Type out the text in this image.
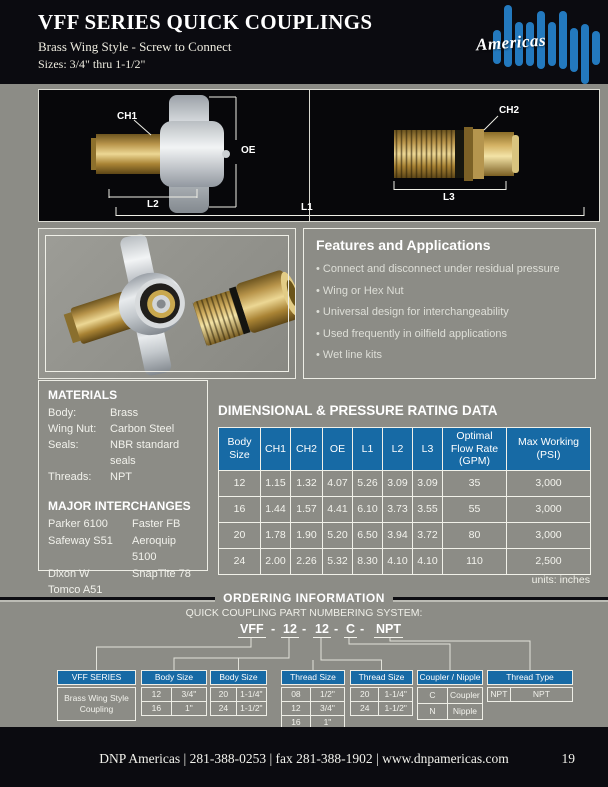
VFF SERIES QUICK COUPLINGS
Brass Wing Style - Screw to Connect
Sizes: 3/4" thru 1-1/2"
Americas
CH1
CH2
OE
L1
L2
L3
Features and Applications
• Connect and disconnect under residual pressure
• Wing or Hex Nut
• Universal design for interchangeability
• Used frequently in oilfield applications
• Wet line kits
MATERIALS
Body:	Brass
Wing Nut:	Carbon Steel
Seals:	NBR standard seals
Threads:	NPT
MAJOR INTERCHANGES
Parker 6100	Faster FB
Safeway S51	Aeroquip 5100
Dixon W	SnapTite 78
Tomco A51
DIMENSIONAL & PRESSURE RATING DATA
Body Size	CH1	CH2	OE	L1	L2	L3	Optimal Flow Rate (GPM)	Max Working (PSI)
12	1.15	1.32	4.07	5.26	3.09	3.09	35	3,000
16	1.44	1.57	4.41	6.10	3.73	3.55	55	3,000
20	1.78	1.90	5.20	6.50	3.94	3.72	80	3,000
24	2.00	2.26	5.32	8.30	4.10	4.10	110	2,500
units: inches
ORDERING INFORMATION
QUICK COUPLING PART NUMBERING SYSTEM:
VFF - 12 - 12 - C - NPT
VFF SERIES
Brass Wing Style Coupling
Body Size
12	3/4"
16	1"
Body Size
20	1-1/4"
24	1-1/2"
Thread Size
08	1/2"
12	3/4"
16	1"
Thread Size
20	1-1/4"
24	1-1/2"
Coupler / Nipple
C	Coupler
N	Nipple
Thread Type
NPT	NPT
DNP Americas | 281-388-0253 | fax 281-388-1902 | www.dnpamericas.com	19
